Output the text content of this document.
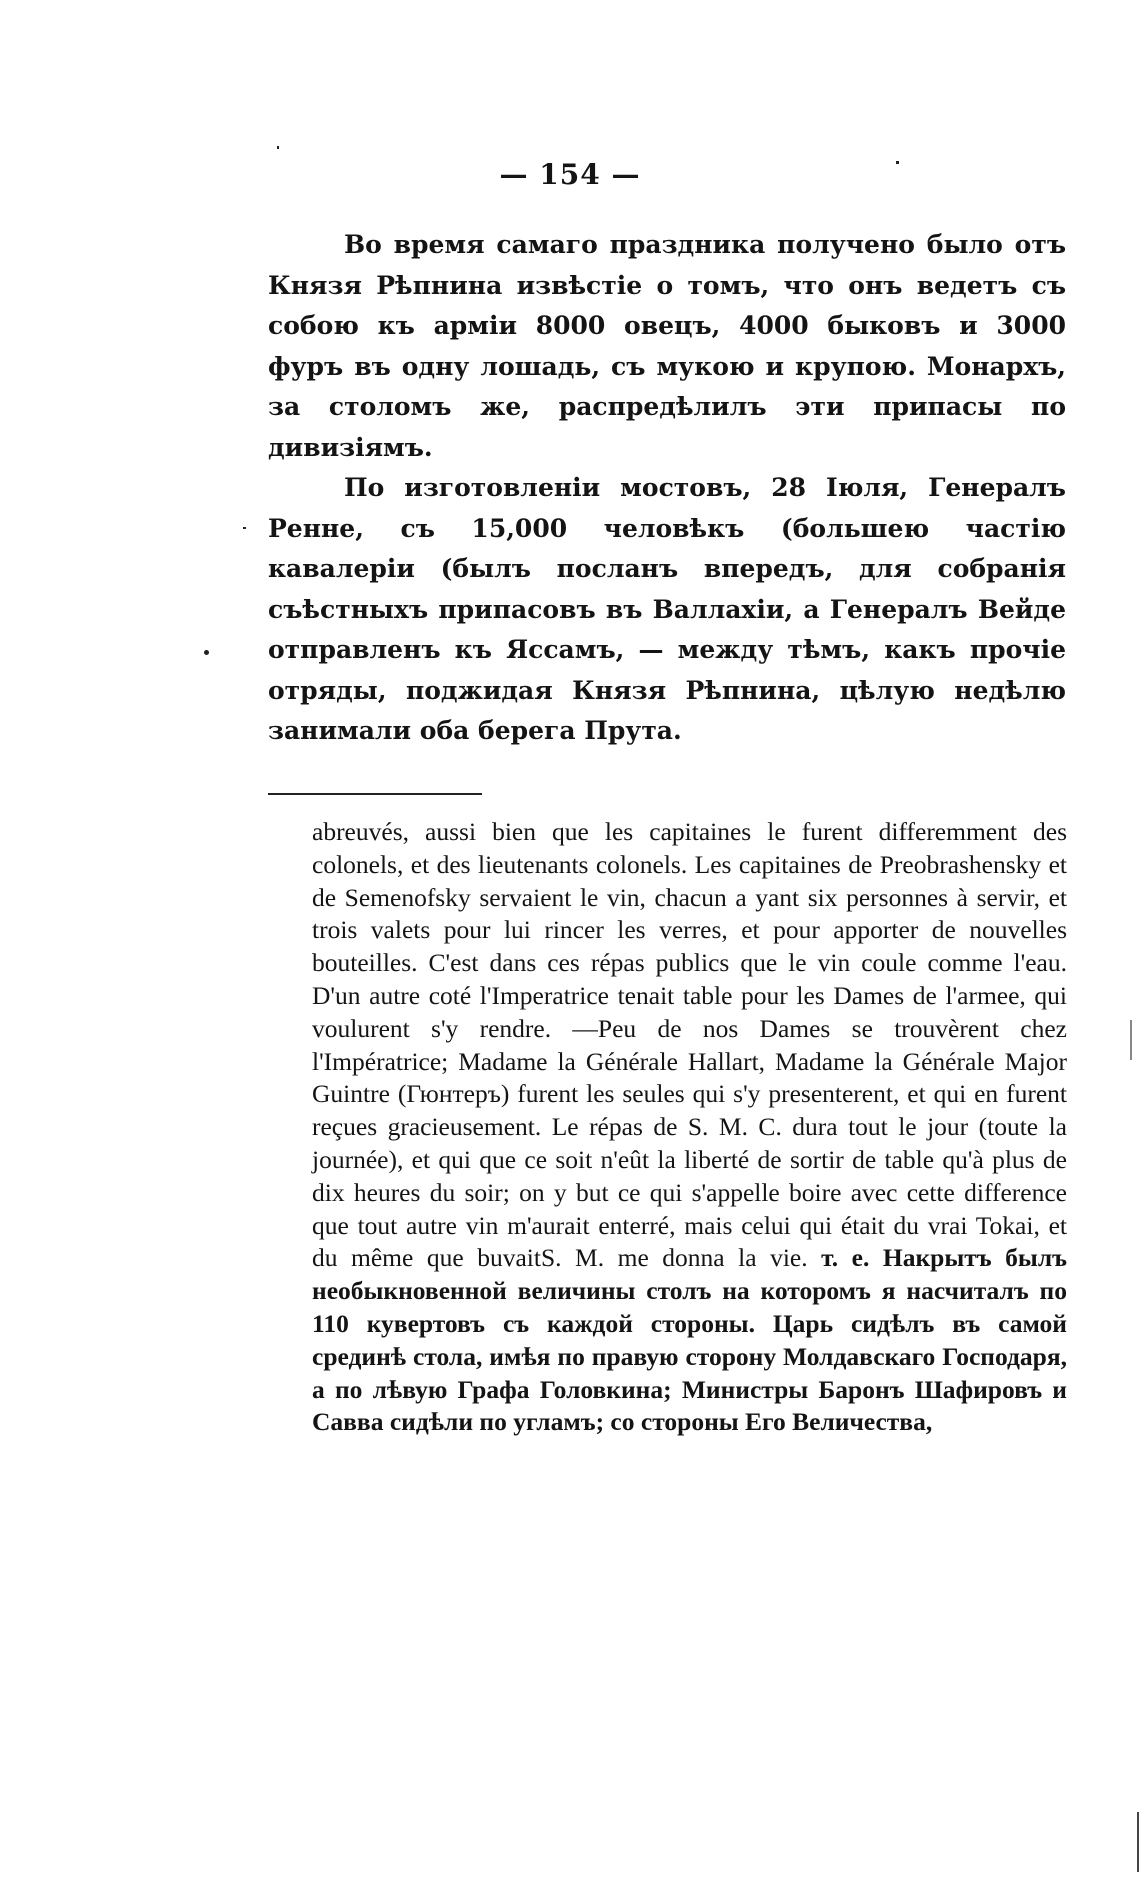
— 154 —

Во время самаго праздника получено было отъ Князя Рѣпнина извѣстіе о томъ, что онъ ведетъ съ собою къ арміи 8000 овецъ, 4000 быковъ и 3000 фуръ въ одну лошадь, съ мукою и крупою. Монархъ, за столомъ же, распредѣлилъ эти припасы по дивизіямъ.

По изготовленіи мостовъ, 28 Іюля, Генералъ Ренне, съ 15,000 человѣкъ (большею частію кавалеріи (былъ посланъ впередъ, для собранія съѣстныхъ припасовъ въ Валлахіи, а Генералъ Вейде отправленъ къ Яссамъ, — между тѣмъ, какъ прочіе отряды, поджидая Князя Рѣпнина, цѣлую недѣлю занимали оба берега Прута.

abreuvés, aussi bien que les capitaines le furent differemment des colonels, et des lieutenants colonels. Les capitaines de Preobrashensky et de Semenofsky servaient le vin, chacun a yant six personnes à servir, et trois valets pour lui rincer les verres, et pour apporter de nouvelles bouteilles. C'est dans ces répas publics que le vin coule comme l'eau. D'un autre coté l'Imperatrice tenait table pour les Dames de l'armee, qui voulurent s'y rendre. —Peu de nos Dames se trouvèrent chez l'Impératrice; Madame la Générale Hallart, Madame la Générale Major Guintre (Гюнтеръ) furent les seules qui s'y presenterent, et qui en furent reçues gracieusement. Le répas de S. M. C. dura tout le jour (toute la journée), et qui que ce soit n'eût la liberté de sortir de table qu'à plus de dix heures du soir; on y but ce qui s'appelle boire avec cette difference que tout autre vin m'aurait enterré, mais celui qui était du vrai Tokai, et du même que buvaitS. M. me donna la vie. т. е. Накрытъ былъ необыкновенной величины столъ на которомъ я насчиталъ по 110 кувертовъ съ каждой стороны. Царь сидѣлъ въ самой срединѣ стола, имѣя по правую сторону Молдавскаго Господаря, а по лѣвую Графа Головкина; Министры Баронъ Шафировъ и Савва сидѣли по угламъ; со стороны Его Величества,
